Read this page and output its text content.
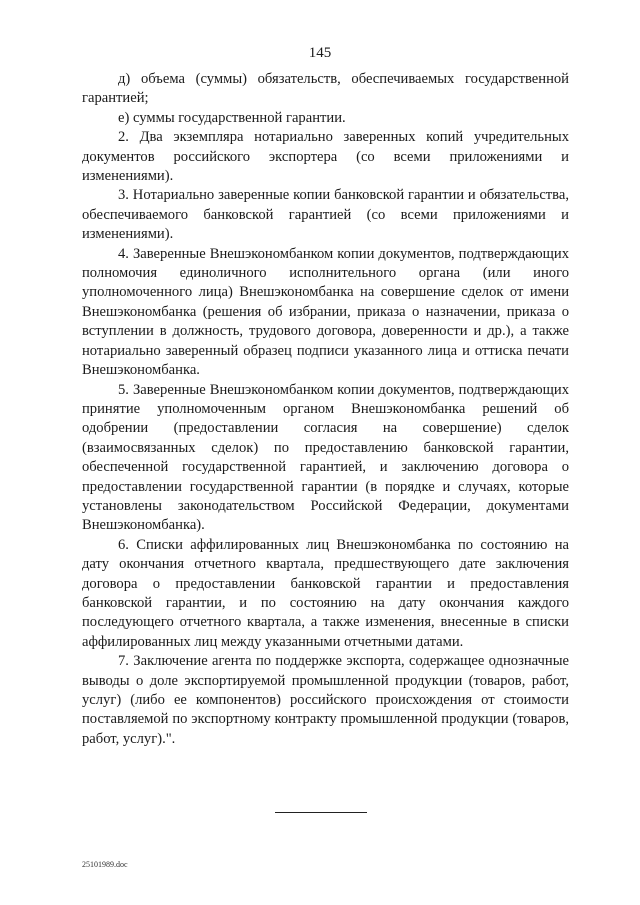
145

д) объема (суммы) обязательств, обеспечиваемых государственной гарантией;

е) суммы государственной гарантии.

2. Два экземпляра нотариально заверенных копий учредительных документов российского экспортера (со всеми приложениями и изменениями).

3. Нотариально заверенные копии банковской гарантии и обязательства, обеспечиваемого банковской гарантией (со всеми приложениями и изменениями).

4. Заверенные Внешэкономбанком копии документов, подтверждающих полномочия единоличного исполнительного органа (или иного уполномоченного лица) Внешэкономбанка на совершение сделок от имени Внешэкономбанка (решения об избрании, приказа о назначении, приказа о вступлении в должность, трудового договора, доверенности и др.), а также нотариально заверенный образец подписи указанного лица и оттиска печати Внешэкономбанка.

5. Заверенные Внешэкономбанком копии документов, подтверждающих принятие уполномоченным органом Внешэкономбанка решений об одобрении (предоставлении согласия на совершение) сделок (взаимосвязанных сделок) по предоставлению банковской гарантии, обеспеченной государственной гарантией, и заключению договора о предоставлении государственной гарантии (в порядке и случаях, которые установлены законодательством Российской Федерации, документами Внешэкономбанка).

6. Списки аффилированных лиц Внешэкономбанка по состоянию на дату окончания отчетного квартала, предшествующего дате заключения договора о предоставлении банковской гарантии и предоставления банковской гарантии, и по состоянию на дату окончания каждого последующего отчетного квартала, а также изменения, внесенные в списки аффилированных лиц между указанными отчетными датами.

7. Заключение агента по поддержке экспорта, содержащее однозначные выводы о доле экспортируемой промышленной продукции (товаров, работ, услуг) (либо ее компонентов) российского происхождения от стоимости поставляемой по экспортному контракту промышленной продукции (товаров, работ, услуг).".

25101989.doc
